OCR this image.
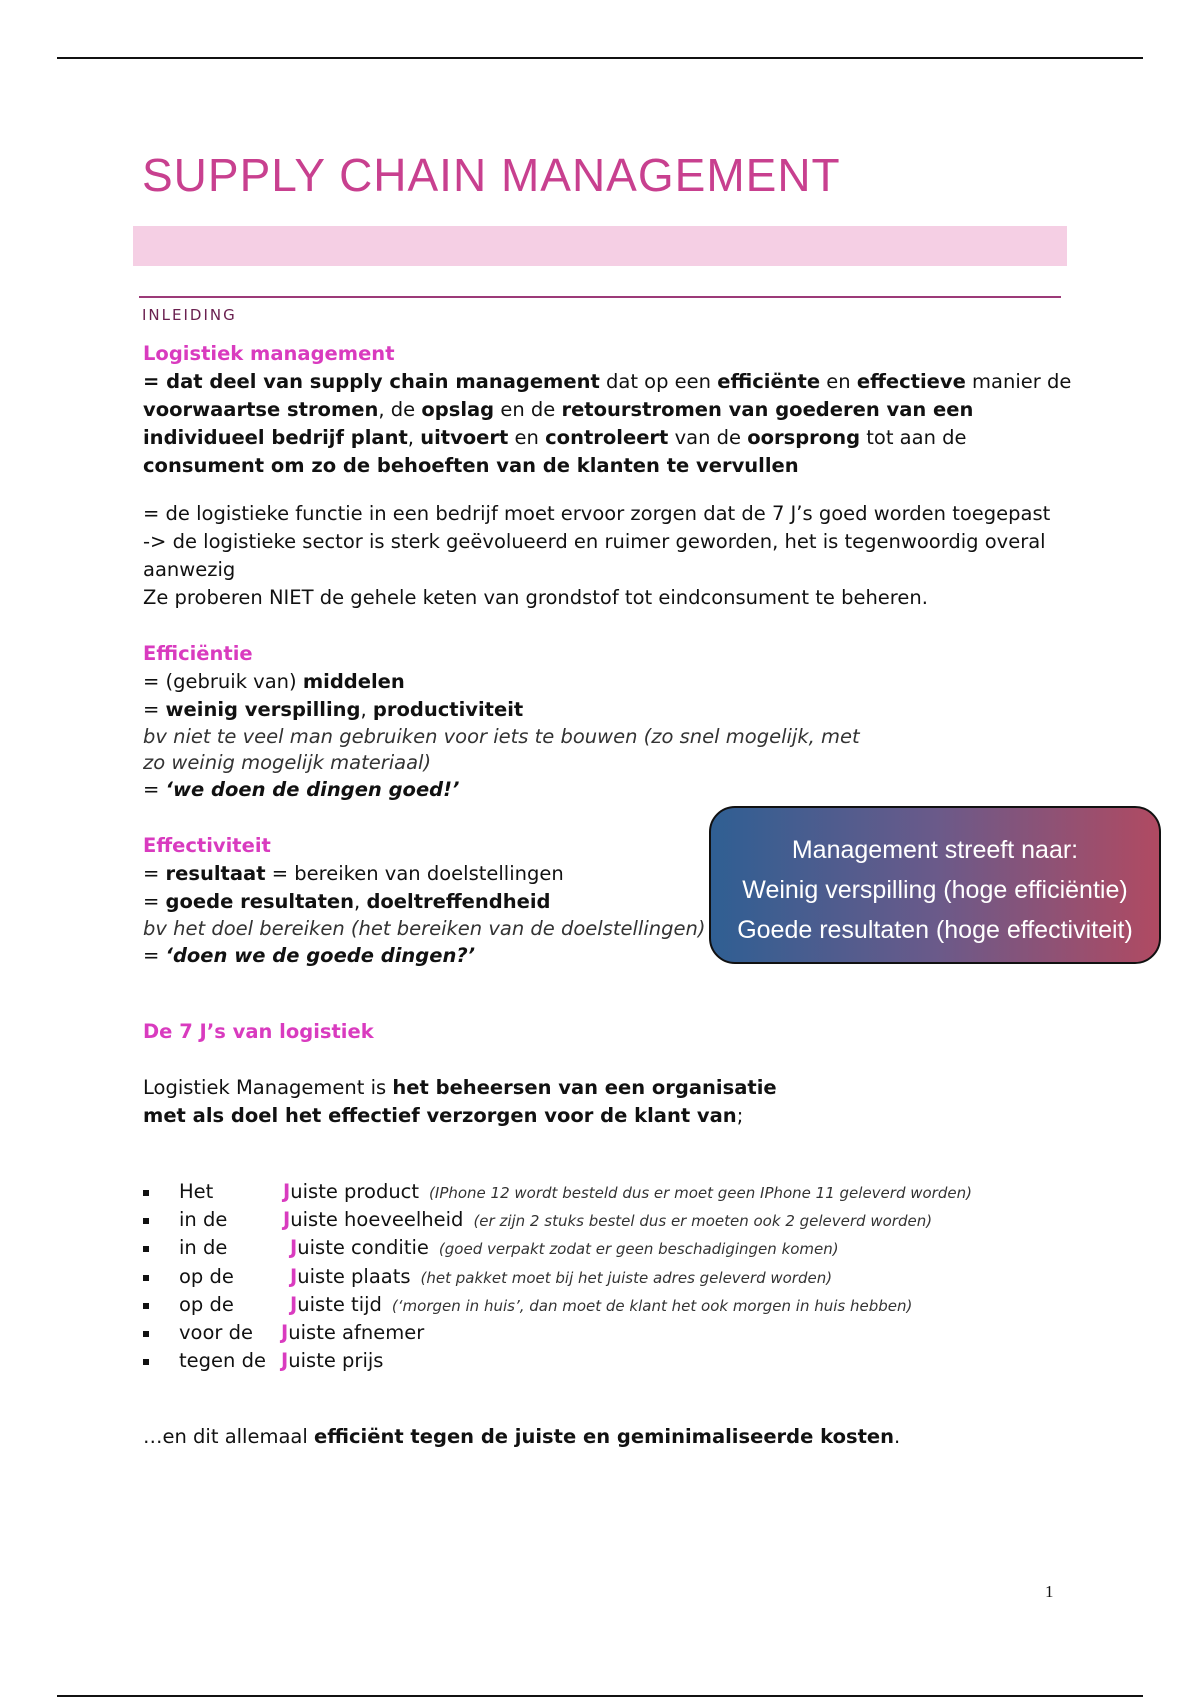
SUPPLY CHAIN MANAGEMENT
INLEIDING
Logistiek management

= dat deel van supply chain management dat op een efficiënte en effectieve manier de voorwaartse stromen, de opslag en de retourstromen van goederen van een individueel bedrijf plant, uitvoert en controleert van de oorsprong tot aan de consument om zo de behoeften van de klanten te vervullen

= de logistieke functie in een bedrijf moet ervoor zorgen dat de 7 J’s goed worden toegepast

-> de logistieke sector is sterk geëvolueerd en ruimer geworden, het is tegenwoordig overal aanwezig

Ze proberen NIET de gehele keten van grondstof tot eindconsument te beheren.

Efficiëntie

= (gebruik van) middelen

= weinig verspilling, productiviteit

bv niet te veel man gebruiken voor iets te bouwen (zo snel mogelijk, met zo weinig mogelijk materiaal)

= ‘we doen de dingen goed!’

Effectiviteit

= resultaat = bereiken van doelstellingen

= goede resultaten, doeltreffendheid

bv het doel bereiken (het bereiken van de doelstellingen)

= ‘doen we de goede dingen?’

De 7 J’s van logistiek

Logistiek Management is het beheersen van een organisatie
met als doel het effectief verzorgen voor de klant van;

Het	Juiste product (IPhone 12 wordt besteld dus er moet geen IPhone 11 geleverd worden)
in de	Juiste hoeveelheid (er zijn 2 stuks bestel dus er moeten ook 2 geleverd worden)
in de	Juiste conditie (goed verpakt zodat er geen beschadigingen komen)
op de	Juiste plaats (het pakket moet bij het juiste adres geleverd worden)
op de	Juiste tijd (‘morgen in huis’, dan moet de klant het ook morgen in huis hebben)
voor de Juiste afnemer
tegen de Juiste prijs

…en dit allemaal efficiënt tegen de juiste en geminimaliseerde kosten.

Management streeft naar:
Weinig verspilling (hoge efficiëntie)
Goede resultaten (hoge effectiviteit)
1
